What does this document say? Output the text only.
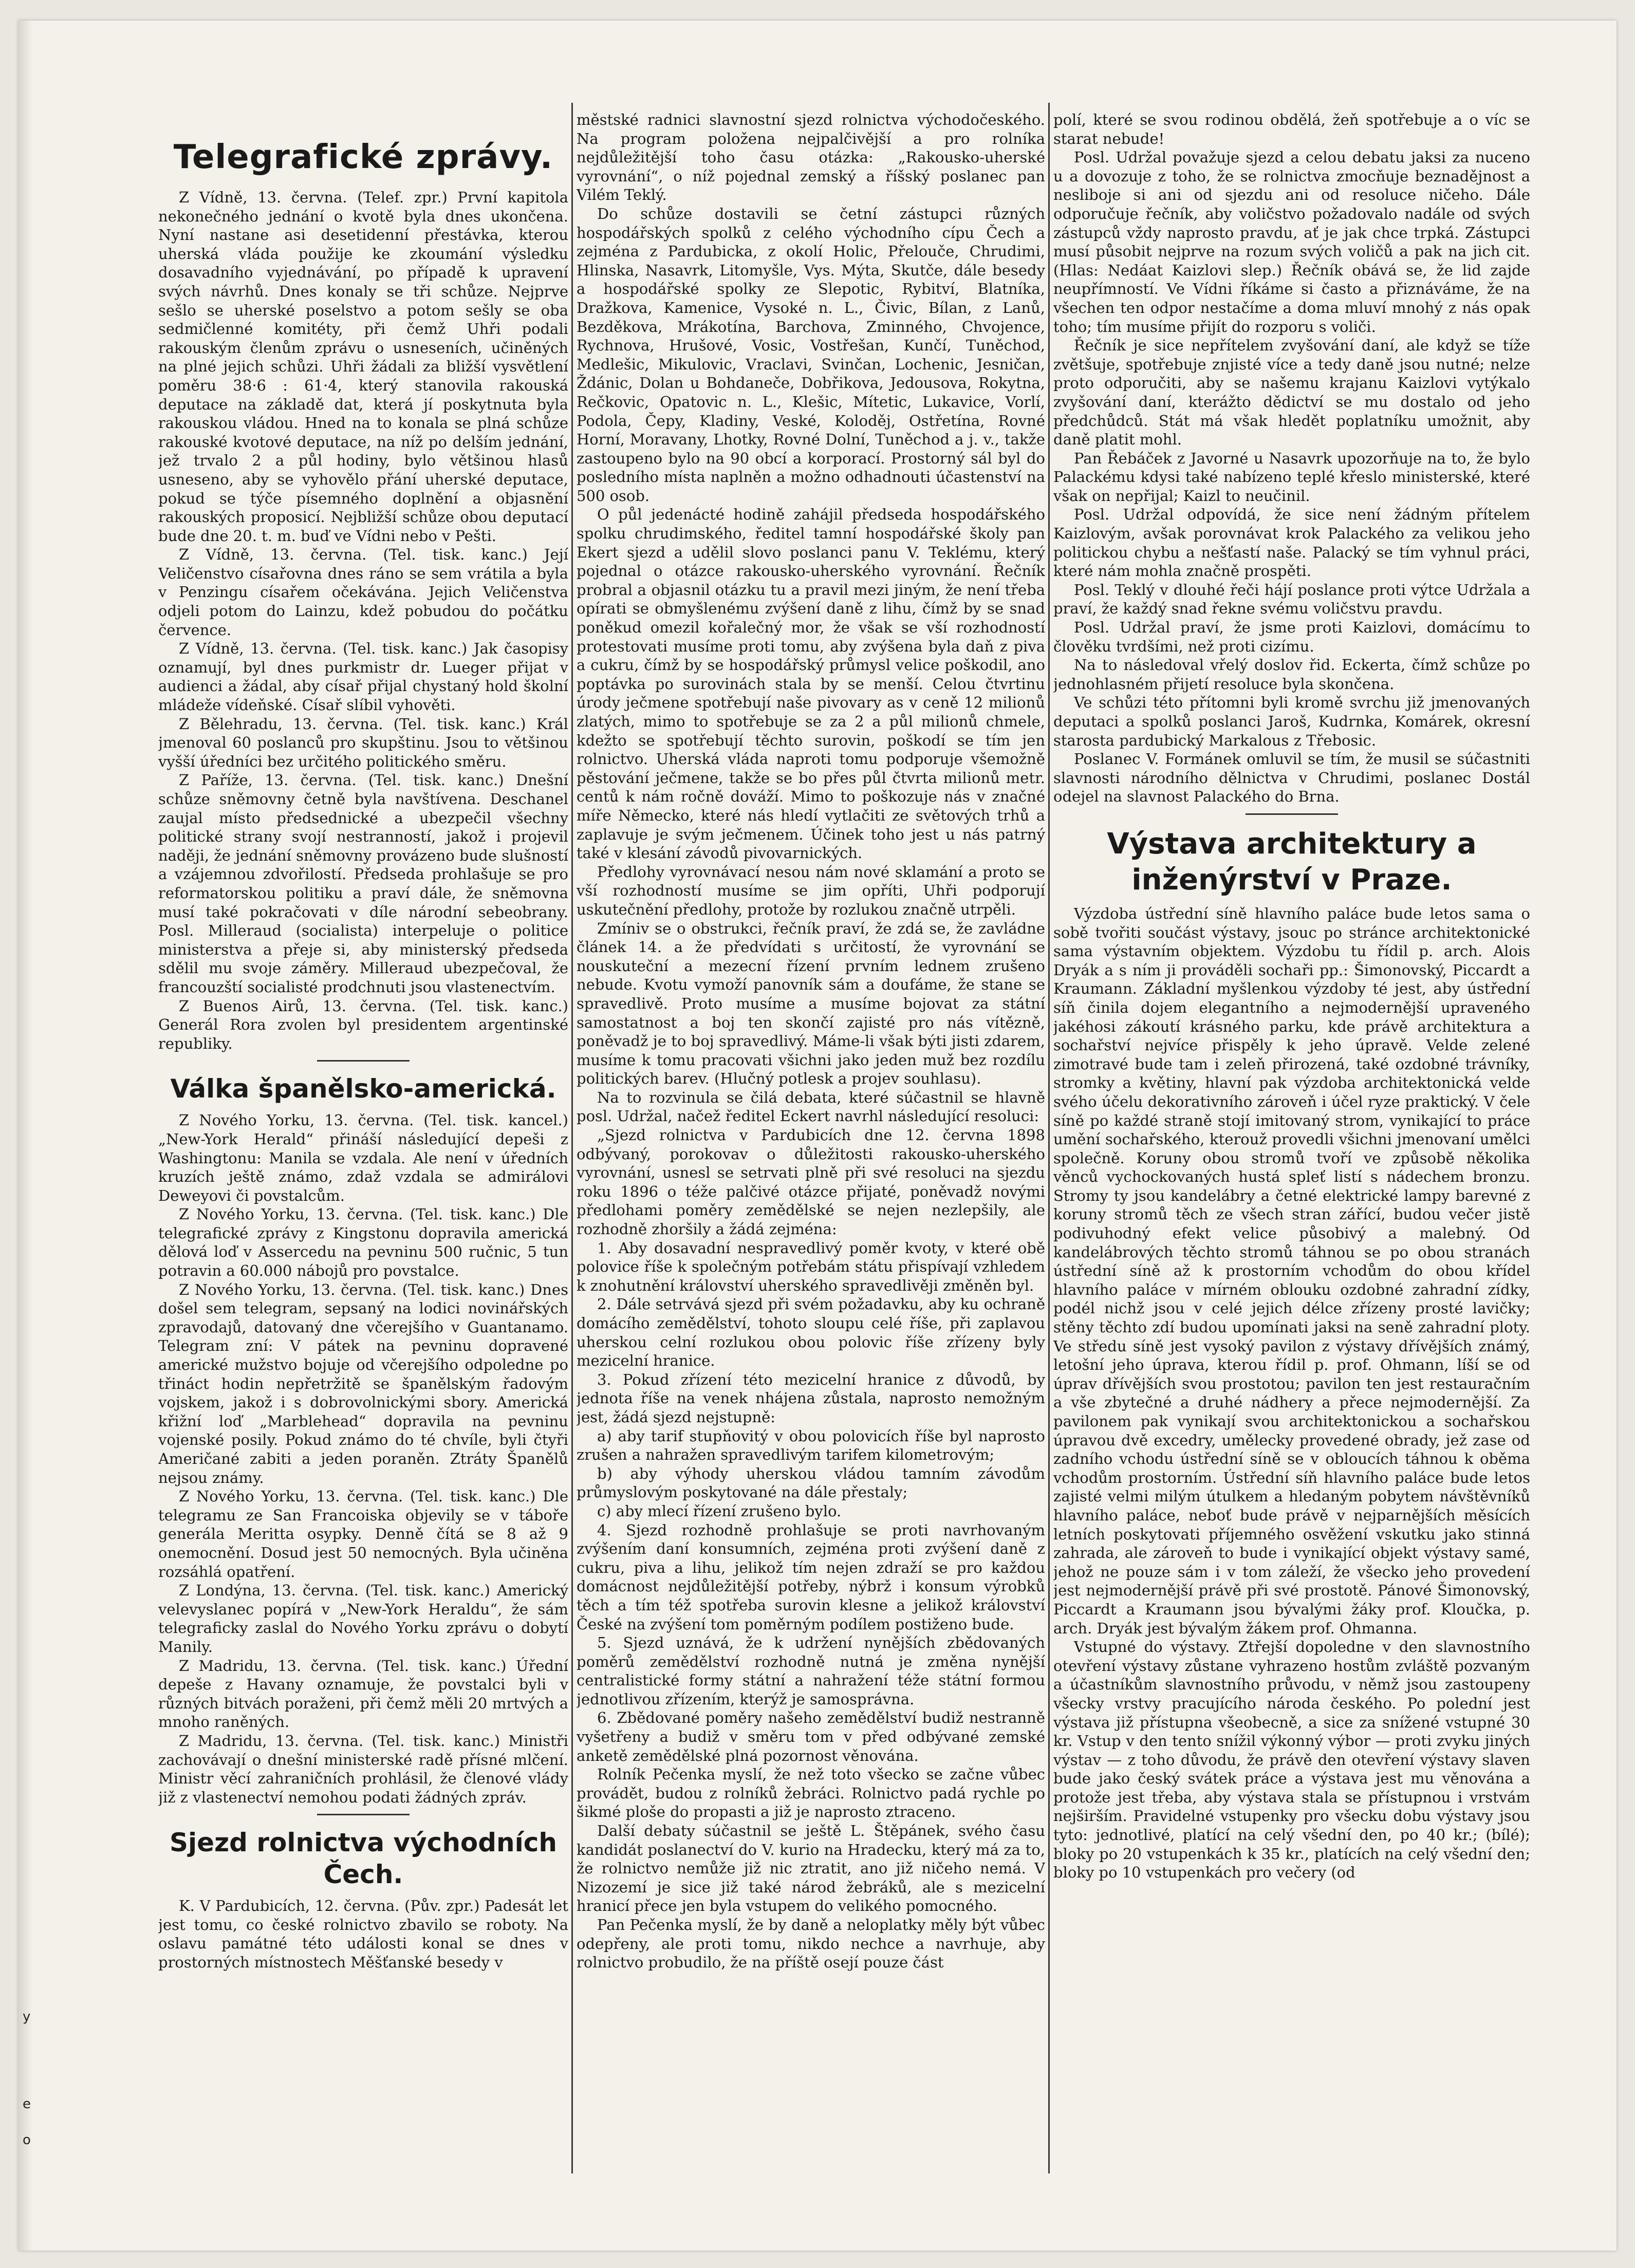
y
e
o
Telegrafické zprávy.

Z Vídně, 13. června. (Telef. zpr.) První kapitola nekonečného jednání o kvotě byla dnes ukončena. Nyní nastane asi desetidenní přestávka, kterou uherská vláda použije ke zkoumání výsledku dosavadního vyjednávání, po případě k upravení svých návrhů. Dnes konaly se tři schůze. Nejprve sešlo se uherské poselstvo a potom sešly se oba sedmičlenné komitéty, při čemž Uhři podali rakouským členům zprávu o usneseních, učiněných na plné jejich schůzi. Uhři žádali za bližší vysvětlení poměru 38·6 : 61·4, který stanovila rakouská deputace na základě dat, která jí poskytnuta byla rakouskou vládou. Hned na to konala se plná schůze rakouské kvotové deputace, na níž po delším jednání, jež trvalo 2 a půl hodiny, bylo většinou hlasů usneseno, aby se vyhovělo přání uherské deputace, pokud se týče písemného doplnění a objasnění rakouských proposicí. Nejbližší schůze obou deputací bude dne 20. t. m. buď ve Vídni nebo v Pešti.

Z Vídně, 13. června. (Tel. tisk. kanc.) Její Veličenstvo císařovna dnes ráno se sem vrátila a byla v Penzingu císařem očekávána. Jejich Veličenstva odjeli potom do Lainzu, kdež pobudou do počátku července.

Z Vídně, 13. června. (Tel. tisk. kanc.) Jak časopisy oznamují, byl dnes purkmistr dr. Lueger přijat v audienci a žádal, aby císař přijal chystaný hold školní mládeže vídeňské. Císař slíbil vyhověti.

Z Bělehradu, 13. června. (Tel. tisk. kanc.) Král jmenoval 60 poslanců pro skupštinu. Jsou to většinou vyšší úředníci bez určitého politického směru.

Z Paříže, 13. června. (Tel. tisk. kanc.) Dnešní schůze sněmovny četně byla navštívena. Deschanel zaujal místo předsednické a ubezpečil všechny politické strany svojí nestranností, jakož i projevil naději, že jednání sněmovny provázeno bude slušností a vzájemnou zdvořilostí. Předseda prohlašuje se pro reformatorskou politiku a praví dále, že sněmovna musí také pokračovati v díle národní sebeobrany. Posl. Milleraud (socialista) interpeluje o politice ministerstva a přeje si, aby ministerský předseda sdělil mu svoje záměry. Milleraud ubezpečoval, že francouzští socialisté prodchnuti jsou vlastenectvím.

Z Buenos Airů, 13. června. (Tel. tisk. kanc.) Generál Rora zvolen byl presidentem argentinské republiky.

Válka španělsko-americká.

Z Nového Yorku, 13. června. (Tel. tisk. kancel.) „New-York Herald“ přináší následující depeši z Washingtonu: Manila se vzdala. Ale není v úředních kruzích ještě známo, zdaž vzdala se admirálovi Deweyovi či povstalcům.

Z Nového Yorku, 13. června. (Tel. tisk. kanc.) Dle telegrafické zprávy z Kingstonu dopravila americká dělová loď v Assercedu na pevninu 500 ručnic, 5 tun potravin a 60.000 nábojů pro povstalce.

Z Nového Yorku, 13. června. (Tel. tisk. kanc.) Dnes došel sem telegram, sepsaný na lodici novinářských zpravodajů, datovaný dne včerejšího v Guantanamo. Telegram zní: V pátek na pevninu dopravené americké mužstvo bojuje od včerejšího odpoledne po třináct hodin nepřetržitě se španělským řadovým vojskem, jakož i s dobrovolnickými sbory. Americká křižní loď „Marblehead“ dopravila na pevninu vojenské posily. Pokud známo do té chvíle, byli čtyři Američané zabiti a jeden poraněn. Ztráty Španělů nejsou známy.

Z Nového Yorku, 13. června. (Tel. tisk. kanc.) Dle telegramu ze San Francoiska objevily se v táboře generála Meritta osypky. Denně čítá se 8 až 9 onemocnění. Dosud jest 50 nemocných. Byla učiněna rozsáhlá opatření.

Z Londýna, 13. června. (Tel. tisk. kanc.) Americký velevyslanec popírá v „New-York Heraldu“, že sám telegraficky zaslal do Nového Yorku zprávu o dobytí Manily.

Z Madridu, 13. června. (Tel. tisk. kanc.) Úřední depeše z Havany oznamuje, že povstalci byli v různých bitvách poraženi, při čemž měli 20 mrtvých a mnoho raněných.

Z Madridu, 13. června. (Tel. tisk. kanc.) Ministři zachovávají o dnešní ministerské radě přísné mlčení. Ministr věcí zahraničních prohlásil, že členové vlády již z vlastenectví nemohou podati žádných zpráv.

Sjezd rolnictva východních Čech.

K. V Pardubicích, 12. června. (Pův. zpr.) Padesát let jest tomu, co české rolnictvo zbavilo se roboty. Na oslavu památné této události konal se dnes v prostorných místnostech Měšťanské besedy v

městské radnici slavnostní sjezd rolnictva východočeského. Na program položena nejpalčivější a pro rolníka nejdůležitější toho času otázka: „Rakousko-uherské vyrovnání“, o níž pojednal zemský a říšský poslanec pan Vilém Teklý.

Do schůze dostavili se četní zástupci různých hospodářských spolků z celého východního cípu Čech a zejména z Pardubicka, z okolí Holic, Přelouče, Chrudimi, Hlinska, Nasavrk, Litomyšle, Vys. Mýta, Skutče, dále besedy a hospodářské spolky ze Slepotic, Rybitví, Blatníka, Dražkova, Kamenice, Vysoké n. L., Čivic, Bílan, z Lanů, Bezděkova, Mrákotína, Barchova, Zminného, Chvojence, Rychnova, Hrušové, Vosic, Vostřešan, Kunčí, Tuněchod, Medlešic, Mikulovic, Vraclavi, Svinčan, Lochenic, Jesničan, Ždánic, Dolan u Bohdaneče, Dobřikova, Jedousova, Rokytna, Rečkovic, Opatovic n. L., Klešic, Mítetic, Lukavice, Vorlí, Podola, Čepy, Kladiny, Veské, Koloděj, Ostřetína, Rovné Horní, Moravany, Lhotky, Rovné Dolní, Tuněchod a j. v., takže zastoupeno bylo na 90 obcí a korporací. Prostorný sál byl do posledního místa naplněn a možno odhadnouti účastenství na 500 osob.

O půl jedenácté hodině zahájil předseda hospodářského spolku chrudimského, ředitel tamní hospodářské školy pan Ekert sjezd a udělil slovo poslanci panu V. Teklému, který pojednal o otázce rakousko-uherského vyrovnání. Řečník probral a objasnil otázku tu a pravil mezi jiným, že není třeba opírati se obmyšlenému zvýšení daně z lihu, čímž by se snad poněkud omezil kořalečný mor, že však se vší rozhodností protestovati musíme proti tomu, aby zvýšena byla daň z piva a cukru, čímž by se hospodářský průmysl velice poškodil, ano poptávka po surovinách stala by se menší. Celou čtvrtinu úrody ječmene spotřebují naše pivovary as v ceně 12 milionů zlatých, mimo to spotřebuje se za 2 a půl milionů chmele, kdežto se spotřebují těchto surovin, poškodí se tím jen rolnictvo. Uherská vláda naproti tomu podporuje všemožně pěstování ječmene, takže se bo přes půl čtvrta milionů metr. centů k nám ročně dováží. Mimo to poškozuje nás v značné míře Německo, které nás hledí vytlačiti ze světových trhů a zaplavuje je svým ječmenem. Účinek toho jest u nás patrný také v klesání závodů pivovarnických.

Předlohy vyrovnávací nesou nám nové sklamání a proto se vší rozhodností musíme se jim opříti, Uhři podporují uskutečnění předlohy, protože by rozlukou značně utrpěli.

Zmíniv se o obstrukci, řečník praví, že zdá se, že zavládne článek 14. a že předvídati s určitostí, že vyrovnání se nouskuteční a mezecní řízení prvním lednem zrušeno nebude. Kvotu vymoží panovník sám a doufáme, že stane se spravedlivě. Proto musíme a musíme bojovat za státní samostatnost a boj ten skončí zajisté pro nás vítězně, poněvadž je to boj spravedlivý. Máme-li však býti jisti zdarem, musíme k tomu pracovati všichni jako jeden muž bez rozdílu politických barev. (Hlučný potlesk a projev souhlasu).

Na to rozvinula se čilá debata, které súčastnil se hlavně posl. Udržal, načež ředitel Eckert navrhl následující resoluci:

„Sjezd rolnictva v Pardubicích dne 12. června 1898 odbývaný, porokovav o důležitosti rakousko-uherského vyrovnání, usnesl se setrvati plně při své resoluci na sjezdu roku 1896 o téže palčivé otázce přijaté, poněvadž novými předlohami poměry zemědělské se nejen nezlepšily, ale rozhodně zhoršily a žádá zejména:

1. Aby dosavadní nespravedlivý poměr kvoty, v které obě polovice říše k společným potřebám státu přispívají vzhledem k znohutnění království uherského spravedlivěji změněn byl.

2. Dále setrvává sjezd při svém požadavku, aby ku ochraně domácího zemědělství, tohoto sloupu celé říše, při zaplavou uherskou celní rozlukou obou polovic říše zřízeny byly mezicelní hranice.

3. Pokud zřízení této mezicelní hranice z důvodů, by jednota říše na venek nhájena zůstala, naprosto nemožným jest, žádá sjezd nejstupně:

a) aby tarif stupňovitý v obou polovicích říše byl naprosto zrušen a nahražen spravedlivým tarifem kilometrovým;

b) aby výhody uherskou vládou tamním závodům průmyslovým poskytované na dále přestaly;

c) aby mlecí řízení zrušeno bylo.

4. Sjezd rozhodně prohlašuje se proti navrhovaným zvýšením daní konsumních, zejména proti zvýšení daně z cukru, piva a lihu, jelikož tím nejen zdraží se pro každou domácnost nejdůležitější potřeby, nýbrž i konsum výrobků těch a tím též spotřeba surovin klesne a jelikož království České na zvýšení tom poměrným podílem postiženo bude.

5. Sjezd uznává, že k udržení nynějších zbědovaných poměrů zemědělství rozhodně nutná je změna nynější centralistické formy státní a nahražení téže státní formou jednotlivou zřízením, kterýž je samosprávna.

6. Zbědované poměry našeho zemědělství budiž nestranně vyšetřeny a budiž v směru tom v před odbývané zemské anketě zemědělské plná pozornost věnována.

Rolník Pečenka myslí, že než toto všecko se začne vůbec provádět, budou z rolníků žebráci. Rolnictvo padá rychle po šikmé ploše do propasti a již je naprosto ztraceno.

Další debaty súčastnil se ještě L. Štěpánek, svého času kandidát poslanectví do V. kurio na Hradecku, který má za to, že rolnictvo nemůže již nic ztratit, ano již ničeho nemá. V Nizozemí je sice již také národ žebráků, ale s mezicelní hranicí přece jen byla vstupem do velikého pomocného.

Pan Pečenka myslí, že by daně a neloplatky měly být vůbec odepřeny, ale proti tomu, nikdo nechce a navrhuje, aby rolnictvo probudilo, že na příště osejí pouze část

polí, které se svou rodinou obdělá, žeň spotřebuje a o víc se starat nebude!

Posl. Udržal považuje sjezd a celou debatu jaksi za nuceno u a dovozuje z toho, že se rolnictva zmocňuje beznadějnost a nesliboje si ani od sjezdu ani od resoluce ničeho. Dále odporučuje řečník, aby voličstvo požadovalo nadále od svých zástupců vždy naprosto pravdu, ať je jak chce trpká. Zástupci musí působit nejprve na rozum svých voličů a pak na jich cit. (Hlas: Nedáat Kaizlovi slep.) Řečník obává se, že lid zajde neupřímností. Ve Vídni říkáme si často a přiznáváme, že na všechen ten odpor nestačíme a doma mluví mnohý z nás opak toho; tím musíme přijít do rozporu s voliči.

Řečník je sice nepřítelem zvyšování daní, ale když se tíže zvětšuje, spotřebuje znjisté více a tedy daně jsou nutné; nelze proto odporučiti, aby se našemu krajanu Kaizlovi vytýkalo zvyšování daní, kterážto dědictví se mu dostalo od jeho předchůdců. Stát má však hledět poplatníku umožnit, aby daně platit mohl.

Pan Řebáček z Javorné u Nasavrk upozorňuje na to, že bylo Palackému kdysi také nabízeno teplé křeslo ministerské, které však on nepřijal; Kaizl to neučinil.

Posl. Udržal odpovídá, že sice není žádným přítelem Kaizlovým, avšak porovnávat krok Palackého za velikou jeho politickou chybu a nešťastí naše. Palacký se tím vyhnul práci, které nám mohla značně prospěti.

Posl. Teklý v dlouhé řeči hájí poslance proti výtce Udržala a praví, že každý snad řekne svému voličstvu pravdu.

Posl. Udržal praví, že jsme proti Kaizlovi, domácímu to člověku tvrdšími, než proti cizímu.

Na to následoval vřelý doslov řid. Eckerta, čímž schůze po jednohlasném přijetí resoluce byla skončena.

Ve schůzi této přítomni byli kromě svrchu již jmenovaných deputaci a spolků poslanci Jaroš, Kudrnka, Komárek, okresní starosta pardubický Markalous z Třebosic.

Poslanec V. Formánek omluvil se tím, že musil se súčastniti slavnosti národního dělnictva v Chrudimi, poslanec Dostál odejel na slavnost Palackého do Brna.

Výstava architektury a inženýrství v Praze.

Výzdoba ústřední síně hlavního paláce bude letos sama o sobě tvořiti součást výstavy, jsouc po stránce architektonické sama výstavním objektem. Výzdobu tu řídil p. arch. Alois Dryák a s ním ji prováděli sochaři pp.: Šimonovský, Piccardt a Kraumann. Základní myšlenkou výzdoby té jest, aby ústřední síň činila dojem elegantního a nejmodernější upraveného jakéhosi zákoutí krásného parku, kde právě architektura a sochařství nejvíce přispěly k jeho úpravě. Velde zelené zimotravé bude tam i zeleň přirozená, také ozdobné trávníky, stromky a květiny, hlavní pak výzdoba architektonická velde svého účelu dekorativního zároveň i účel ryze praktický. V čele síně po každé straně stojí imitovaný strom, vynikající to práce umění sochařského, kterouž provedli všichni jmenovaní umělci společně. Koruny obou stromů tvoří ve způsobě několika věnců vychockovaných hustá spleť listí s nádechem bronzu. Stromy ty jsou kandelábry a četné elektrické lampy barevné z koruny stromů těch ze všech stran zářící, budou večer jistě podivuhodný efekt velice působivý a malebný. Od kandelábrových těchto stromů táhnou se po obou stranách ústřední síně až k prostorním vchodům do obou křídel hlavního paláce v mírném oblouku ozdobné zahradní zídky, podél nichž jsou v celé jejich délce zřízeny prosté lavičky; stěny těchto zdí budou upomínati jaksi na seně zahradní ploty. Ve středu síně jest vysoký pavilon z výstavy dřívějších známý, letošní jeho úprava, kterou řídil p. prof. Ohmann, líší se od úprav dřívějších svou prostotou; pavilon ten jest restauračním a vše zbytečné a druhé nádhery a přece nejmodernější. Za pavilonem pak vynikají svou architektonickou a sochařskou úpravou dvě excedry, umělecky provedené obrady, jež zase od zadního vchodu ústřední síně se v obloucích táhnou k oběma vchodům prostorním. Ústřední síň hlavního paláce bude letos zajisté velmi milým útulkem a hledaným pobytem návštěvníků hlavního paláce, neboť bude právě v nejparnějších měsících letních poskytovati příjemného osvěžení vskutku jako stinná zahrada, ale zároveň to bude i vynikající objekt výstavy samé, jehož ne pouze sám i v tom záleží, že všecko jeho provedení jest nejmodernější právě při své prostotě. Pánové Šimonovský, Piccardt a Kraumann jsou bývalými žáky prof. Kloučka, p. arch. Dryák jest bývalým žákem prof. Ohmanna.

Vstupné do výstavy. Ztřejší dopoledne v den slavnostního otevření výstavy zůstane vyhrazeno hostům zvláště pozvaným a účastníkům slavnostního průvodu, v němž jsou zastoupeny všecky vrstvy pracujícího národa českého. Po polední jest výstava již přístupna všeobecně, a sice za snížené vstupné 30 kr. Vstup v den tento snížil výkonný výbor — proti zvyku jiných výstav — z toho důvodu, že právě den otevření výstavy slaven bude jako český svátek práce a výstava jest mu věnována a protože jest třeba, aby výstava stala se přístupnou i vrstvám nejširším. Pravidelné vstupenky pro všecku dobu výstavy jsou tyto: jednotlivé, platící na celý všední den, po 40 kr.; (bílé); bloky po 20 vstupenkách k 35 kr., platících na celý všední den; bloky po 10 vstupenkách pro večery (od
